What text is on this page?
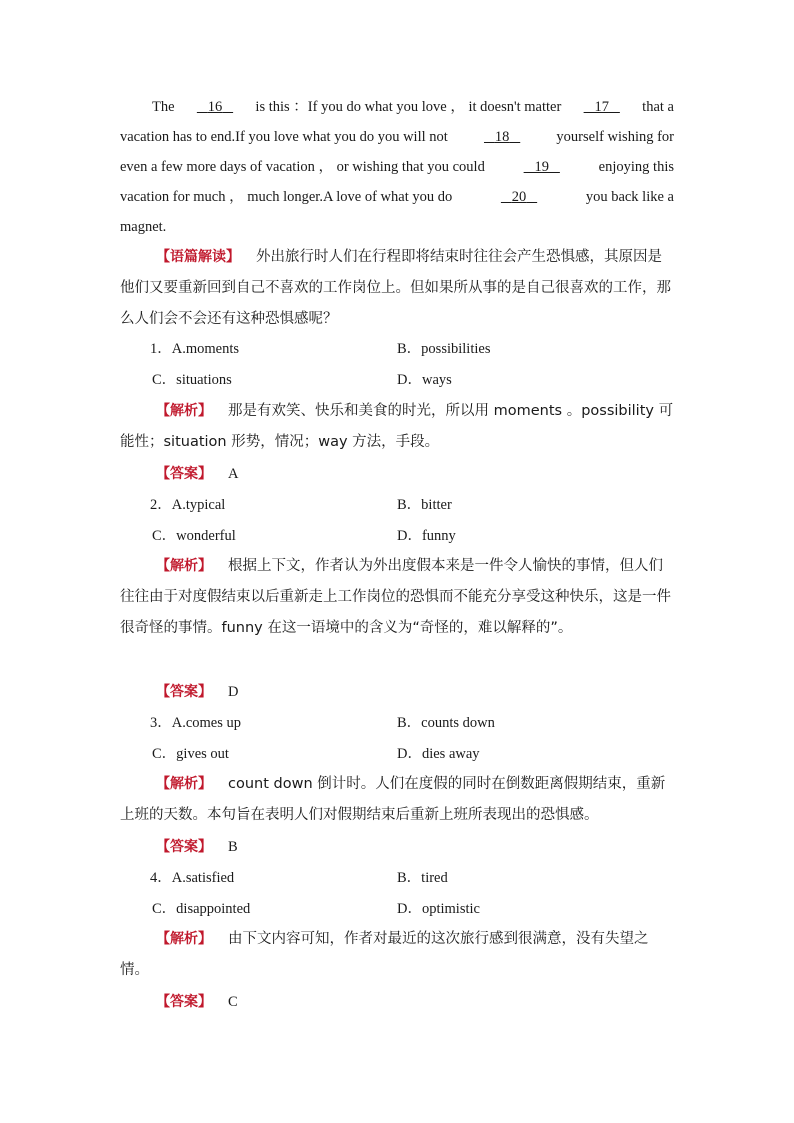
The	16	is this ：If you do what you love ， it doesn't matter	17	that a
vacation has to end.If you love what you do you will not	18	yourself wishing for
even a few more days of vacation ， or wishing that you could	19	enjoying this
vacation for much ， much longer.A love of what you do	20	you back like a
magnet.
【语篇解读】 外出旅行时人们在行程即将结束时往往会产生恐惧感，其原因是他们又要重新回到自己不喜欢的工作岗位上。但如果所从事的是自己很喜欢的工作，那么人们会不会还有这种恐惧感呢？
1．A.moments	B．possibilities
C．situations	D．ways
【解析】 那是有欢笑、快乐和美食的时光，所以用 moments 。possibility 可能性；situation 形势，情况；way 方法，手段。
【答案】 A
2．A.typical	B．bitter
C．wonderful	D．funny
【解析】 根据上下文，作者认为外出度假本来是一件令人愉快的事情，但人们往往由于对度假结束以后重新走上工作岗位的恐惧而不能充分享受这种快乐，这是一件很奇怪的事情。funny 在这一语境中的含义为“奇怪的，难以解释的”。
【答案】 D
3．A.comes up	B．counts down
C．gives out	D．dies away
【解析】 count down 倒计时。人们在度假的同时在倒数距离假期结束，重新上班的天数。本句旨在表明人们对假期结束后重新上班所表现出的恐惧感。
【答案】 B
4．A.satisfied	B．tired
C．disappointed	D．optimistic
【解析】 由下文内容可知，作者对最近的这次旅行感到很满意，没有失望之情。
【答案】 C
